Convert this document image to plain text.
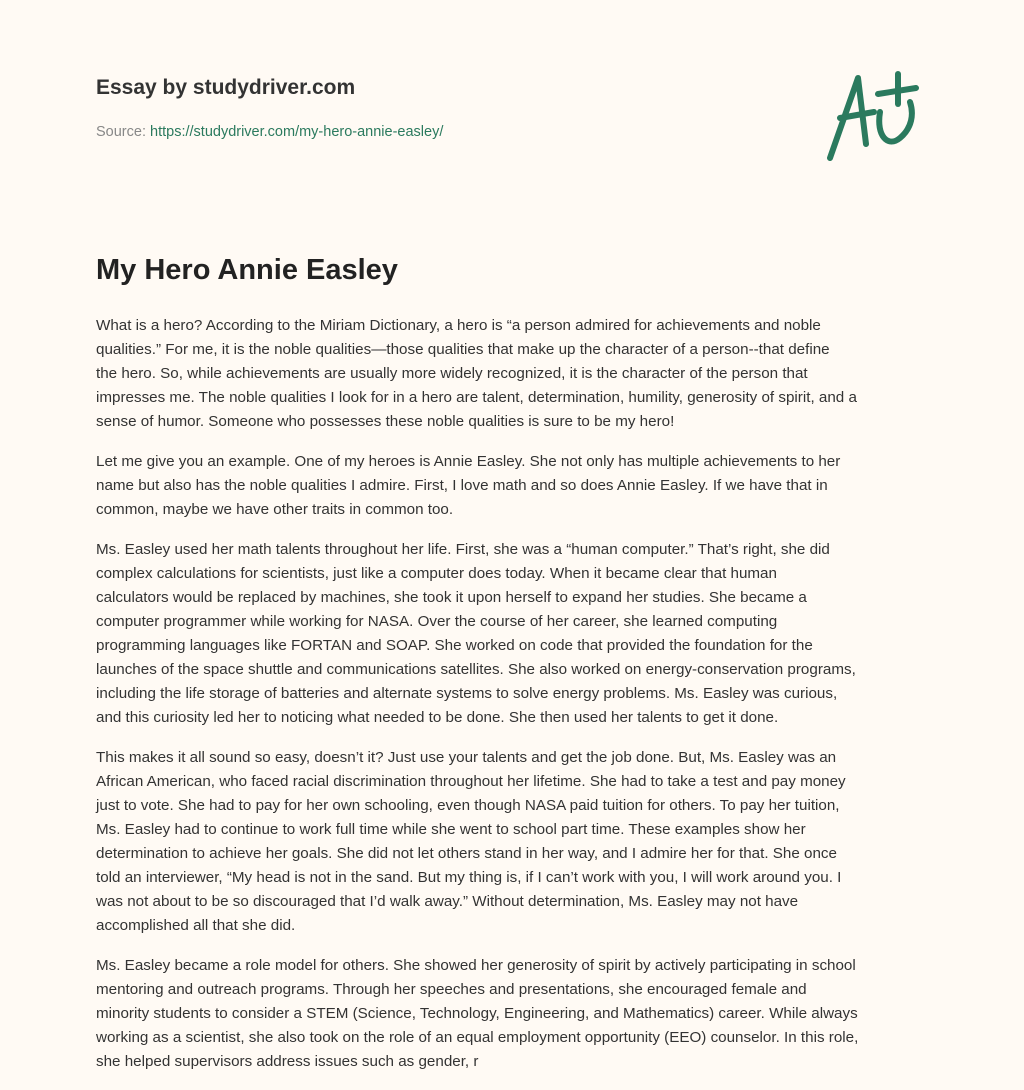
Essay by studydriver.com
Source: https://studydriver.com/my-hero-annie-easley/
My Hero Annie Easley

What is a hero? According to the Miriam Dictionary, a hero is “a person admired for achievements and noble
qualities.” For me, it is the noble qualities—those qualities that make up the character of a person--that define
the hero. So, while achievements are usually more widely recognized, it is the character of the person that
impresses me. The noble qualities I look for in a hero are talent, determination, humility, generosity of spirit, and a
sense of humor. Someone who possesses these noble qualities is sure to be my hero!

Let me give you an example. One of my heroes is Annie Easley. She not only has multiple achievements to her
name but also has the noble qualities I admire. First, I love math and so does Annie Easley. If we have that in
common, maybe we have other traits in common too.

Ms. Easley used her math talents throughout her life. First, she was a “human computer.” That’s right, she did
complex calculations for scientists, just like a computer does today. When it became clear that human
calculators would be replaced by machines, she took it upon herself to expand her studies. She became a
computer programmer while working for NASA. Over the course of her career, she learned computing
programming languages like FORTAN and SOAP. She worked on code that provided the foundation for the
launches of the space shuttle and communications satellites. She also worked on energy-conservation programs,
including the life storage of batteries and alternate systems to solve energy problems. Ms. Easley was curious,
and this curiosity led her to noticing what needed to be done. She then used her talents to get it done.

This makes it all sound so easy, doesn’t it? Just use your talents and get the job done. But, Ms. Easley was an
African American, who faced racial discrimination throughout her lifetime. She had to take a test and pay money
just to vote. She had to pay for her own schooling, even though NASA paid tuition for others. To pay her tuition,
Ms. Easley had to continue to work full time while she went to school part time. These examples show her
determination to achieve her goals. She did not let others stand in her way, and I admire her for that. She once
told an interviewer, “My head is not in the sand. But my thing is, if I can’t work with you, I will work around you. I
was not about to be so discouraged that I’d walk away.” Without determination, Ms. Easley may not have
accomplished all that she did.

Ms. Easley became a role model for others. She showed her generosity of spirit by actively participating in school
mentoring and outreach programs. Through her speeches and presentations, she encouraged female and
minority students to consider a STEM (Science, Technology, Engineering, and Mathematics) career. While always
working as a scientist, she also took on the role of an equal employment opportunity (EEO) counselor. In this role,
she helped supervisors address issues such as gender, r
